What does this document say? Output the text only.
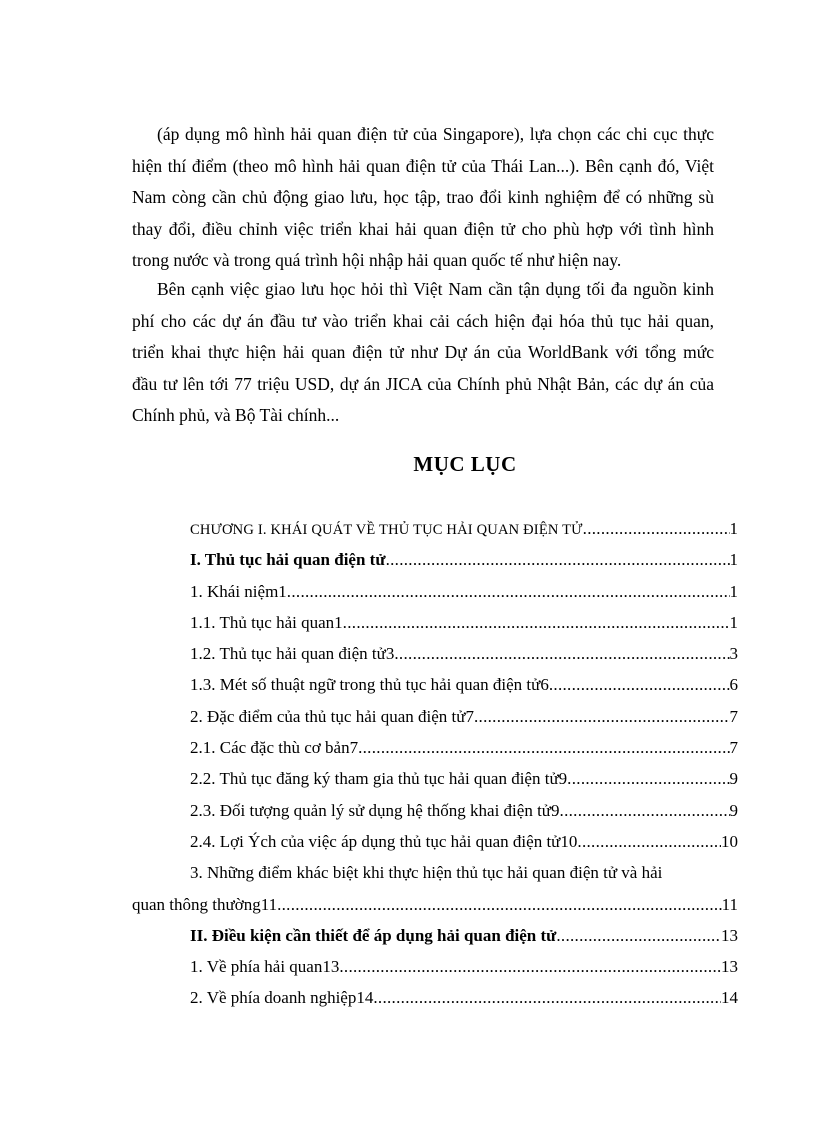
(áp dụng mô hình hải quan điện tử của Singapore), lựa chọn các chi cục thực
hiện thí điểm (theo mô hình hải quan điện tử của Thái Lan...). Bên cạnh đó, Việt
Nam còng cần chủ động giao lưu, học tập, trao đổi kinh nghiệm để có những sù
thay đổi, điều chỉnh việc triển khai hải quan điện tử cho phù hợp với tình hình
trong nước và trong quá trình hội nhập hải quan quốc tế như hiện nay.
Bên cạnh việc giao lưu học hỏi thì Việt Nam cần tận dụng tối đa nguồn kinh
phí cho các dự án đầu tư vào triển khai cải cách hiện đại hóa thủ tục hải quan,
triển khai thực hiện hải quan điện tử như Dự án của WorldBank với tổng mức
đầu tư lên tới 77 triệu USD, dự án JICA của Chính phủ Nhật Bản, các dự án của
Chính phủ, và Bộ Tài chính...
MỤC LỤC
CHƯƠNG I. KHÁI QUÁT VỀ THỦ TỤC HẢI QUAN ĐIỆN TỬ .....	1
I. Thủ tục hải quan điện tử .....	1
1. Khái niệm1 .....	1
1.1. Thủ tục hải quan1 .....	1
1.2. Thủ tục hải quan điện tử3 .....	3
1.3. Mét số thuật ngữ trong thủ tục hải quan điện tử6 .....	6
2. Đặc điểm của thủ tục hải quan điện tử7 .....	7
2.1. Các đặc thù cơ bản7 .....	7
2.2. Thủ tục đăng ký tham gia thủ tục hải quan điện tử9 .....	9
2.3. Đối tượng quản lý sử dụng hệ thống khai điện tử9 .....	9
2.4. Lợi Ých của việc áp dụng thủ tục hải quan điện tử10 .....	10
3. Những điểm khác biệt khi thực hiện thủ tục hải quan điện tử và hải
quan thông thường11 .....	11
II. Điều kiện cần thiết để áp dụng hải quan điện tử .....	13
1. Về phía hải quan13 .....	13
2. Về phía doanh nghiệp14 .....	14
